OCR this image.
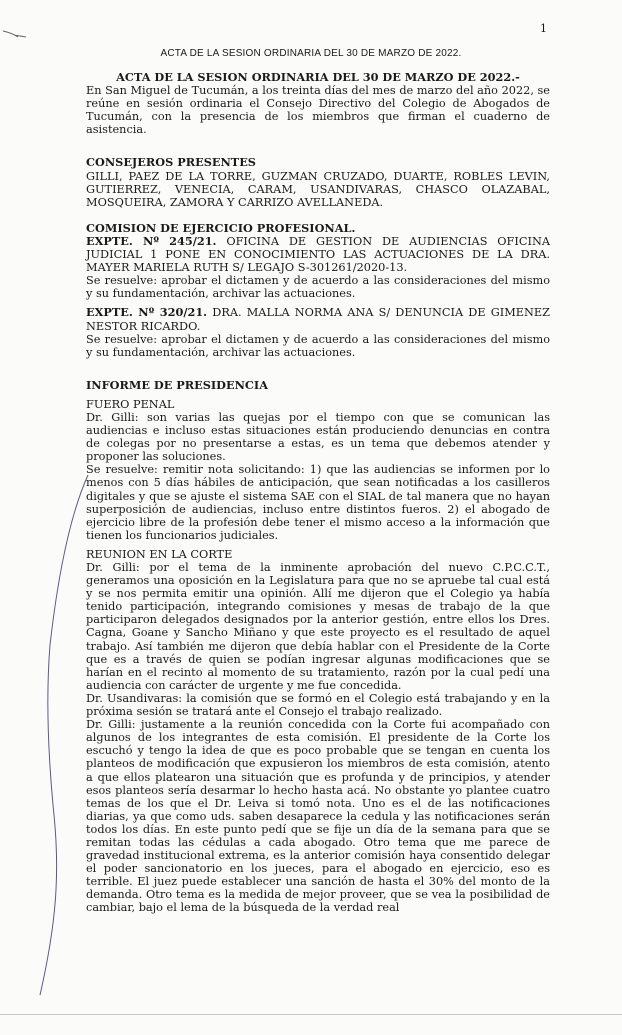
1
ACTA DE LA SESION ORDINARIA DEL 30 DE MARZO DE 2022.

ACTA DE LA SESION ORDINARIA DEL 30 DE MARZO DE 2022.-

En San Miguel de Tucumán, a los treinta días del mes de marzo del año 2022, se reúne en sesión ordinaria el Consejo Directivo del Colegio de Abogados de Tucumán, con la presencia de los miembros que firman el cuaderno de asistencia.

CONSEJEROS PRESENTES

GILLI, PAEZ DE LA TORRE, GUZMAN CRUZADO, DUARTE, ROBLES LEVIN, GUTIERREZ, VENECIA, CARAM, USANDIVARAS, CHASCO OLAZABAL, MOSQUEIRA, ZAMORA Y CARRIZO AVELLANEDA.

COMISION DE EJERCICIO PROFESIONAL.

EXPTE. Nº 245/21. OFICINA DE GESTION DE AUDIENCIAS OFICINA JUDICIAL 1 PONE EN CONOCIMIENTO LAS ACTUACIONES DE LA DRA. MAYER MARIELA RUTH S/ LEGAJO S-301261/2020-13.

Se resuelve: aprobar el dictamen y de acuerdo a las consideraciones del mismo y su fundamentación, archivar las actuaciones.

EXPTE. Nº 320/21. DRA. MALLA NORMA ANA S/ DENUNCIA DE GIMENEZ NESTOR RICARDO.

Se resuelve: aprobar el dictamen y de acuerdo a las consideraciones del mismo y su fundamentación, archivar las actuaciones.

INFORME DE PRESIDENCIA

FUERO PENAL

Dr. Gilli: son varias las quejas por el tiempo con que se comunican las audiencias e incluso estas situaciones están produciendo denuncias en contra de colegas por no presentarse a estas, es un tema que debemos atender y proponer las soluciones.

Se resuelve: remitir nota solicitando: 1) que las audiencias se informen por lo menos con 5 días hábiles de anticipación, que sean notificadas a los casilleros digitales y que se ajuste el sistema SAE con el SIAL de tal manera que no hayan superposición de audiencias, incluso entre distintos fueros. 2) el abogado de ejercicio libre de la profesión debe tener el mismo acceso a la información que tienen los funcionarios judiciales.

REUNION EN LA CORTE

Dr. Gilli: por el tema de la inminente aprobación del nuevo C.P.C.C.T., generamos una oposición en la Legislatura para que no se apruebe tal cual está y se nos permita emitir una opinión. Allí me dijeron que el Colegio ya había tenido participación, integrando comisiones y mesas de trabajo de la que participaron delegados designados por la anterior gestión, entre ellos los Dres. Cagna, Goane y Sancho Miñano y que este proyecto es el resultado de aquel trabajo. Así también me dijeron que debía hablar con el Presidente de la Corte que es a través de quien se podían ingresar algunas modificaciones que se harían en el recinto al momento de su tratamiento, razón por la cual pedí una audiencia con carácter de urgente y me fue concedida.

Dr. Usandivaras: la comisión que se formó en el Colegio está trabajando y en la próxima sesión se tratará ante el Consejo el trabajo realizado.

Dr. Gilli: justamente a la reunión concedida con la Corte fui acompañado con algunos de los integrantes de esta comisión. El presidente de la Corte los escuchó y tengo la idea de que es poco probable que se tengan en cuenta los planteos de modificación que expusieron los miembros de esta comisión, atento a que ellos platearon una situación que es profunda y de principios, y atender esos planteos sería desarmar lo hecho hasta acá. No obstante yo plantee cuatro temas de los que el Dr. Leiva si tomó nota. Uno es el de las notificaciones diarias, ya que como uds. saben desaparece la cedula y las notificaciones serán todos los días. En este punto pedí que se fije un día de la semana para que se remitan todas las cédulas a cada abogado. Otro tema que me parece de gravedad institucional extrema, es la anterior comisión haya consentido delegar el poder sancionatorio en los jueces, para el abogado en ejercicio, eso es terrible. El juez puede establecer una sanción de hasta el 30% del monto de la demanda. Otro tema es la medida de mejor proveer, que se vea la posibilidad de cambiar, bajo el lema de la búsqueda de la verdad real
